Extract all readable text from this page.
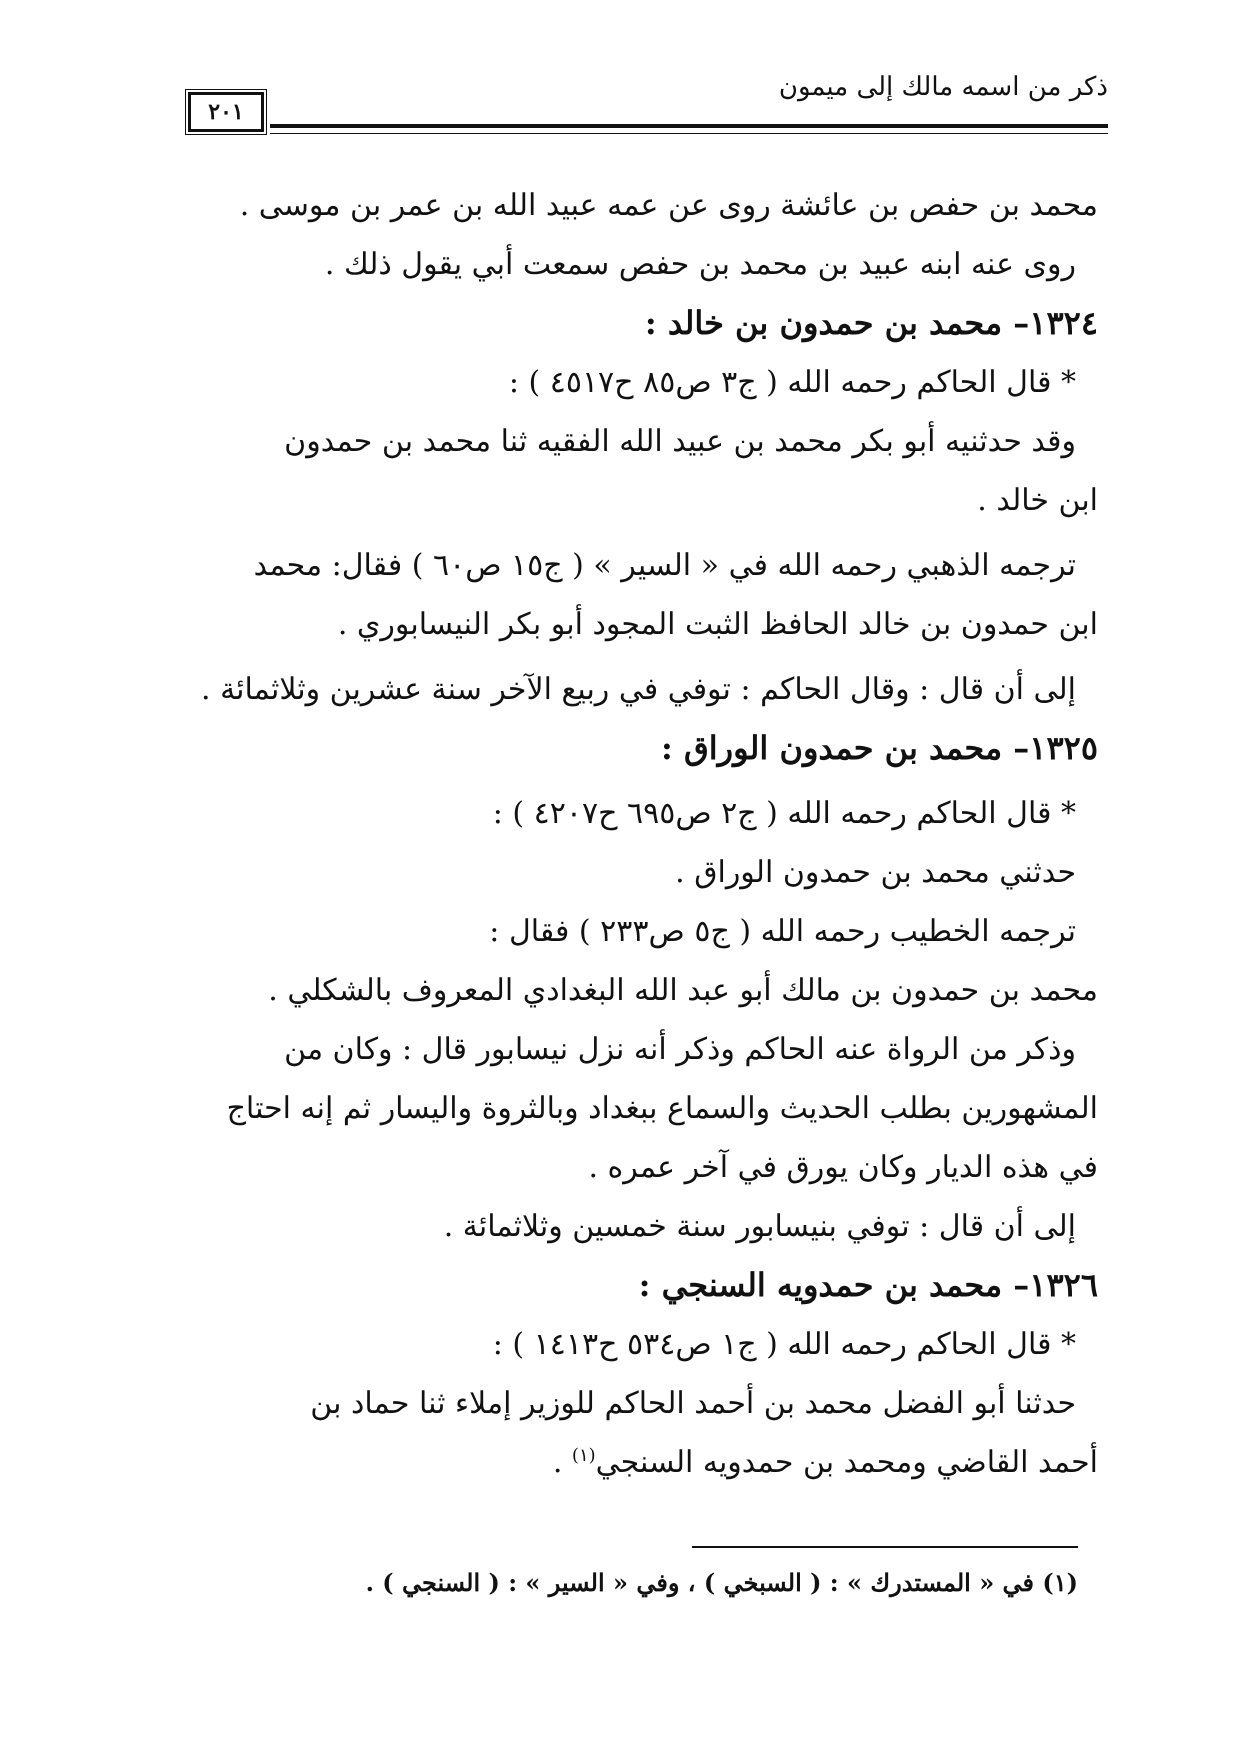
٢٠١
ذكر من اسمه مالك إلى ميمون

محمد بن حفص بن عائشة روى عن عمه عبيد الله بن عمر بن موسى .

روى عنه ابنه عبيد بن محمد بن حفص سمعت أبي يقول ذلك .

١٣٢٤– محمد بن حمدون بن خالد :

* قال الحاكم رحمه الله ( ج٣ ص٨٥ ح٤٥١٧ ) :

وقد حدثنيه أبو بكر محمد بن عبيد الله الفقيه ثنا محمد بن حمدون

ابن خالد .

ترجمه الذهبي رحمه الله في « السير » ( ج١٥ ص٦٠ ) فقال: محمد

ابن حمدون بن خالد الحافظ الثبت المجود أبو بكر النيسابوري .

إلى أن قال : وقال الحاكم : توفي في ربيع الآخر سنة عشرين وثلاثمائة .

١٣٢٥– محمد بن حمدون الوراق :

* قال الحاكم رحمه الله ( ج٢ ص٦٩٥ ح٤٢٠٧ ) :

حدثني محمد بن حمدون الوراق .

ترجمه الخطيب رحمه الله ( ج٥ ص٢٣٣ ) فقال :

محمد بن حمدون بن مالك أبو عبد الله البغدادي المعروف بالشكلي .

وذكر من الرواة عنه الحاكم وذكر أنه نزل نيسابور قال : وكان من

المشهورين بطلب الحديث والسماع ببغداد وبالثروة واليسار ثم إنه احتاج

في هذه الديار وكان يورق في آخر عمره .

إلى أن قال : توفي بنيسابور سنة خمسين وثلاثمائة .

١٣٢٦– محمد بن حمدويه السنجي :

* قال الحاكم رحمه الله ( ج١ ص٥٣٤ ح١٤١٣ ) :

حدثنا أبو الفضل محمد بن أحمد الحاكم للوزير إملاء ثنا حماد بن

أحمد القاضي ومحمد بن حمدويه السنجي$^{(١)}$ .

(١) في « المستدرك » : ( السبخي ) ، وفي « السير » : ( السنجي ) .
